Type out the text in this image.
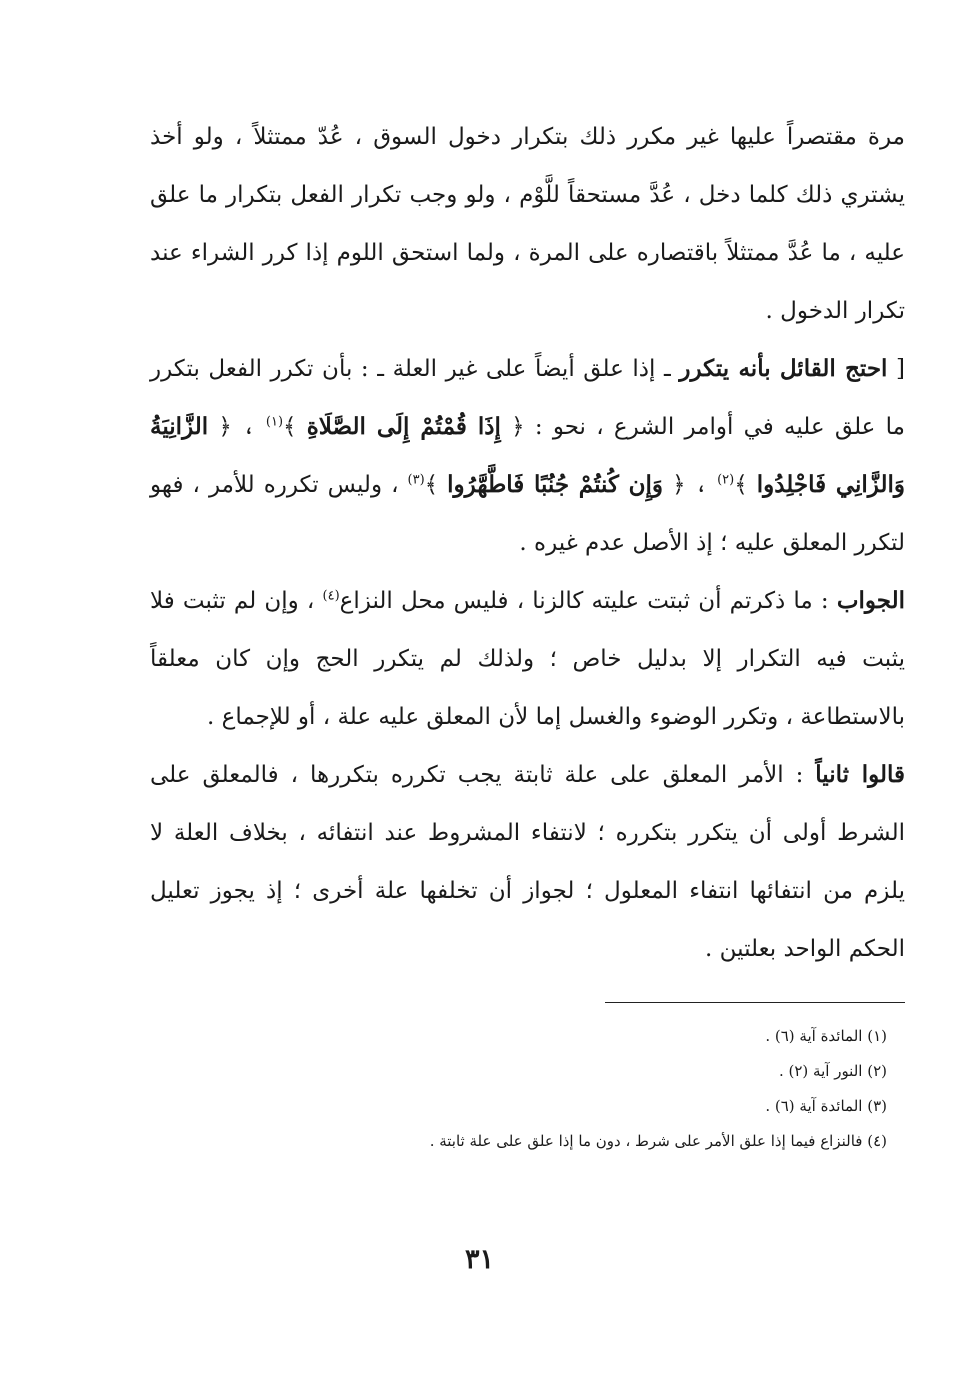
مرة مقتصراً عليها غير مكرر ذلك بتكرار دخول السوق ، عُدّ ممتثلاً ، ولو أخذ يشتري ذلك كلما دخل ، عُدَّ مستحقاً للَّوْم ، ولو وجب تكرار الفعل بتكرار ما علق عليه ، ما عُدَّ ممتثلاً باقتصاره على المرة ، ولما استحق اللوم إذا كرر الشراء عند تكرار الدخول .

[ احتج القائل بأنه يتكرر ـ إذا علق أيضاً على غير العلة ـ : بأن تكرر الفعل بتكرر ما علق عليه في أوامر الشرع ، نحو : ﴿ إِذَا قُمْتُمْ إِلَى الصَّلَاةِ ﴾$^{(١)}$ ، ﴿ الزَّانِيَةُ وَالزَّانِي فَاجْلِدُوا ﴾$^{(٢)}$ ، ﴿ وَإِن كُنتُمْ جُنُبًا فَاطَّهَّرُوا ﴾$^{(٣)}$ ، وليس تكرره للأمر ، فهو لتكرر المعلق عليه ؛ إذ الأصل عدم غيره .

الجواب : ما ذكرتم أن ثبتت عليته كالزنا ، فليس محل النزاع$^{(٤)}$ ، وإن لم تثبت فلا يثبت فيه التكرار إلا بدليل خاص ؛ ولذلك لم يتكرر الحج وإن كان معلقاً بالاستطاعة ، وتكرر الوضوء والغسل إما لأن المعلق عليه علة ، أو للإجماع .

قالوا ثانياً : الأمر المعلق على علة ثابتة يجب تكرره بتكررها ، فالمعلق على الشرط أولى أن يتكرر بتكرره ؛ لانتفاء المشروط عند انتفائه ، بخلاف العلة لا يلزم من انتفائها انتفاء المعلول ؛ لجواز أن تخلفها علة أخرى ؛ إذ يجوز تعليل الحكم الواحد بعلتين .

(١) المائدة آية (٦) .
(٢) النور آية (٢) .
(٣) المائدة آية (٦) .
(٤) فالنزاع فيما إذا علق الأمر على شرط ، دون ما إذا علق على علة ثابتة .
٣١
